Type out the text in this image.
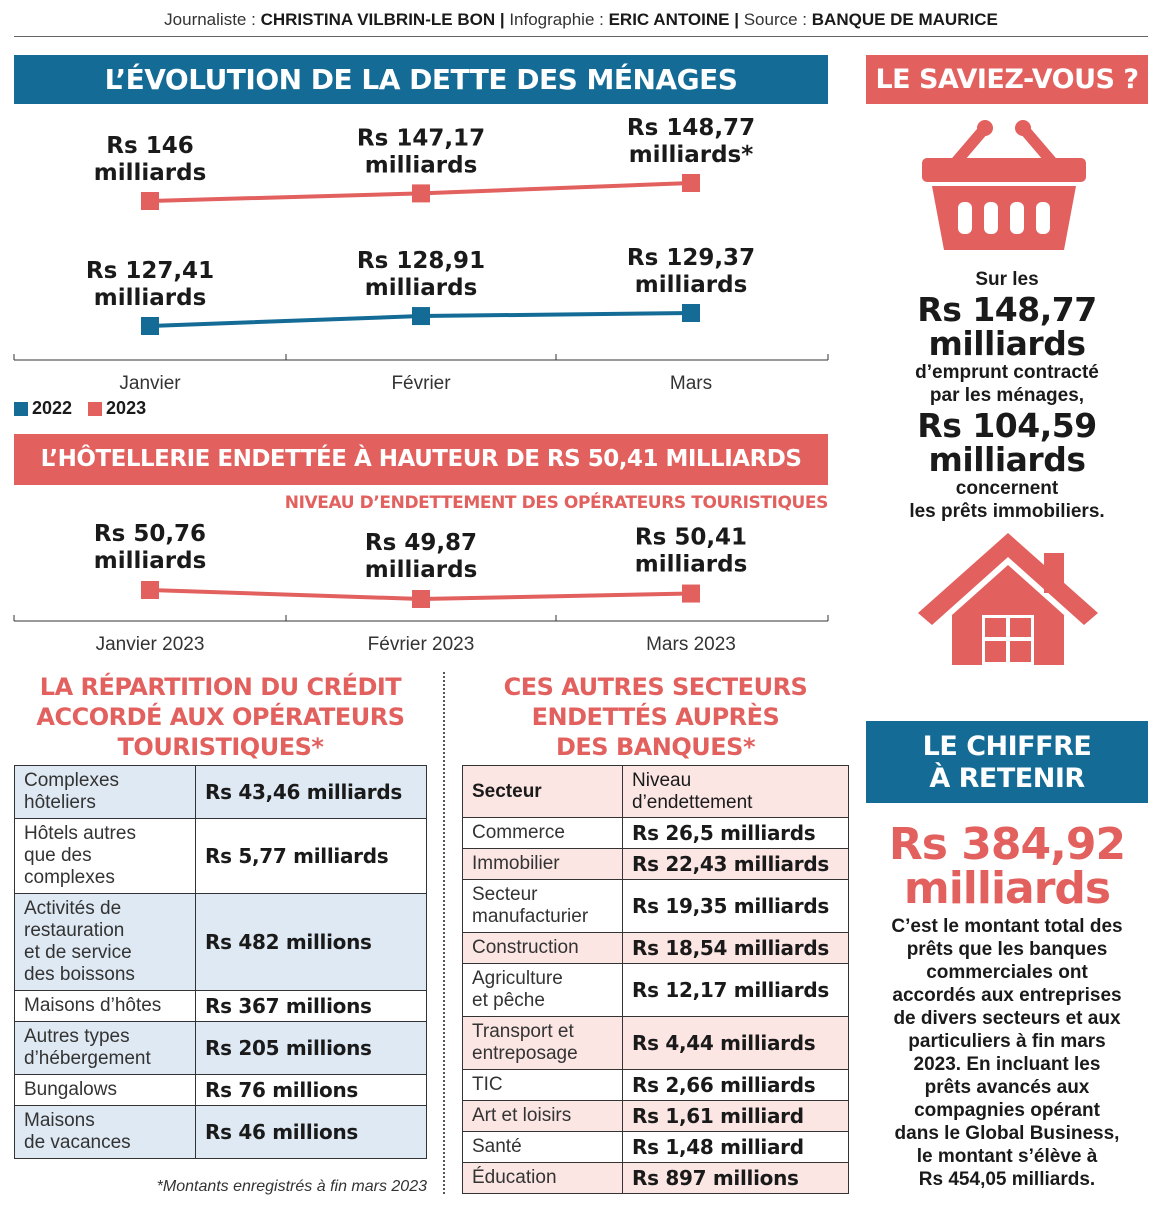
Journaliste : CHRISTINA VILBRIN-LE BON | Infographie : ERIC ANTOINE | Source : BANQUE DE MAURICE
L’ÉVOLUTION DE LA DETTE DES MÉNAGES
Janvier	Février	Mars
Rs 146
milliards
Rs 147,17
milliards
Rs 148,77
milliards*
Rs 127,41
milliards
Rs 128,91
milliards
Rs 129,37
milliards
2022 2023
L’HÔTELLERIE ENDETTÉE À HAUTEUR DE RS 50,41 MILLIARDS
NIVEAU D’ENDETTEMENT DES OPÉRATEURS TOURISTIQUES
Janvier 2023	Février 2023	Mars 2023
Rs 50,76
milliards
Rs 49,87
milliards
Rs 50,41
milliards
LA RÉPARTITION DU CRÉDIT
ACCORDÉ AUX OPÉRATEURS
TOURISTIQUES*
Complexes
hôteliers	Rs 43,46 milliards

Hôtels autres
que des
complexes	Rs 5,77 milliards

Activités de
restauration
et de service
des boissons	Rs 482 millions

Maisons d’hôtes	Rs 367 millions

Autres types
d’hébergement	Rs 205 millions

Bungalows	Rs 76 millions

Maisons
de vacances	Rs 46 millions
*Montants enregistrés à fin mars 2023
CES AUTRES SECTEURS
ENDETTÉS AUPRÈS
DES BANQUES*
Secteur	Niveau
d’endettement

Commerce	Rs 26,5 milliards

Immobilier	Rs 22,43 milliards

Secteur
manufacturier	Rs 19,35 milliards

Construction	Rs 18,54 milliards

Agriculture
et pêche	Rs 12,17 milliards

Transport et
entreposage	Rs 4,44 milliards

TIC	Rs 2,66 milliards

Art et loisirs	Rs 1,61 milliard

Santé	Rs 1,48 milliard

Éducation	Rs 897 millions
LE SAVIEZ-VOUS ?
Sur les
Rs 148,77
milliards
d’emprunt contracté
par les ménages,
Rs 104,59
milliards
concernent
les prêts immobiliers.
LE CHIFFRE
À RETENIR
Rs 384,92
milliards
C’est le montant total des
prêts que les banques
commerciales ont
accordés aux entreprises
de divers secteurs et aux
particuliers à fin mars
2023. En incluant les
prêts avancés aux
compagnies opérant
dans le Global Business,
le montant s’élève à
Rs 454,05 milliards.
